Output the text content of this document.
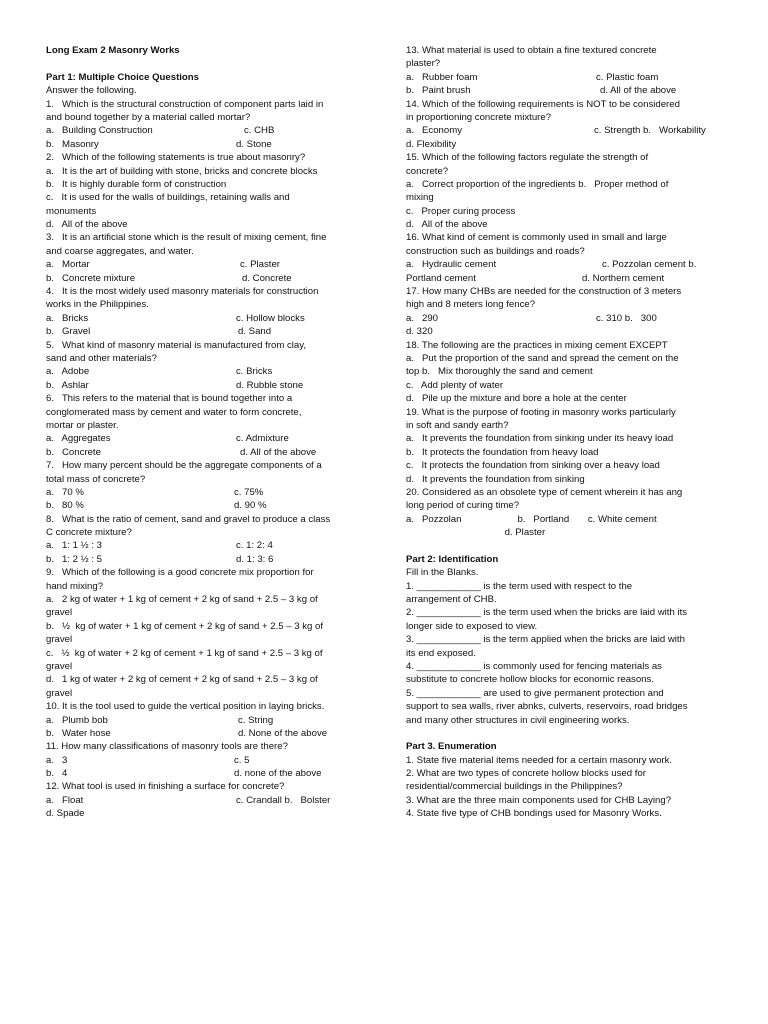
Long Exam 2 Masonry Works
Part 1: Multiple Choice Questions
Answer the following.
1.   Which is the structural construction of component parts laid in
and bound together by a material called mortar?
a.   Building Construction	c. CHB
b.   Masonry	d. Stone
2.   Which of the following statements is true about masonry?
a.   It is the art of building with stone, bricks and concrete blocks
b.   It is highly durable form of construction
c.   It is used for the walls of buildings, retaining walls and
monuments
d.   All of the above
3.   It is an artificial stone which is the result of mixing cement, fine
and coarse aggregates, and water.
a.   Mortar	c. Plaster
b.   Concrete mixture	d. Concrete
4.   It is the most widely used masonry materials for construction
works in the Philippines.
a.   Bricks	c. Hollow blocks
b.   Gravel	d. Sand
5.   What kind of masonry material is manufactured from clay,
sand and other materials?
a.   Adobe	c. Bricks
b.   Ashlar	d. Rubble stone
6.   This refers to the material that is bound together into a
conglomerated mass by cement and water to form concrete,
mortar or plaster.
a.   Aggregates	c. Admixture
b.   Concrete	d. All of the above
7.   How many percent should be the aggregate components of a
total mass of concrete?
a.   70 %	c. 75%
b.   80 %	d. 90 %
8.   What is the ratio of cement, sand and gravel to produce a class
C concrete mixture?
a.   1: 1 ½ : 3	c. 1: 2: 4
b.   1: 2 ½ : 5	d. 1: 3: 6
9.   Which of the following is a good concrete mix proportion for
hand mixing?
a.   2 kg of water + 1 kg of cement + 2 kg of sand + 2.5 – 3 kg of
gravel
b.   ½  kg of water + 1 kg of cement + 2 kg of sand + 2.5 – 3 kg of
gravel
c.   ½  kg of water + 2 kg of cement + 1 kg of sand + 2.5 – 3 kg of
gravel
d.   1 kg of water + 2 kg of cement + 2 kg of sand + 2.5 – 3 kg of
gravel
10. It is the tool used to guide the vertical position in laying bricks.
a.   Plumb bob	c. String
b.   Water hose	d. None of the above
11. How many classifications of masonry tools are there?
a.   3	c. 5
b.   4	d. none of the above
12. What tool is used in finishing a surface for concrete?
a.   Float	c. Crandall b.   Bolster
d. Spade
13. What material is used to obtain a fine textured concrete
plaster?
a.   Rubber foam	c. Plastic foam
b.   Paint brush	d. All of the above
14. Which of the following requirements is NOT to be considered
in proportioning concrete mixture?
a.   Economy	c. Strength b.   Workability
d. Flexibility
15. Which of the following factors regulate the strength of
concrete?
a.   Correct proportion of the ingredients b.   Proper method of
mixing
c.   Proper curing process
d.   All of the above
16. What kind of cement is commonly used in small and large
construction such as buildings and roads?
a.   Hydraulic cement	c. Pozzolan cement b.
Portland cement	d. Northern cement
17. How many CHBs are needed for the construction of 3 meters
high and 8 meters long fence?
a.   290	c. 310 b.   300
d. 320
18. The following are the practices in mixing cement EXCEPT
a.   Put the proportion of the sand and spread the cement on the
top b.   Mix thoroughly the sand and cement
c.   Add plenty of water
d.   Pile up the mixture and bore a hole at the center
19. What is the purpose of footing in masonry works particularly
in soft and sandy earth?
a.   It prevents the foundation from sinking under its heavy load
b.   It protects the foundation from heavy load
c.   It protects the foundation from sinking over a heavy load
d.   It prevents the foundation from sinking
20. Considered as an obsolete type of cement wherein it has ang
long period of curing time?
a.   Pozzolan                     b.   Portland       c. White cement
d. Plaster
Part 2: Identification
Fill in the Blanks.
1. ____________ is the term used with respect to the
arrangement of CHB.
2. ____________ is the term used when the bricks are laid with its
longer side to exposed to view.
3. ____________ is the term applied when the bricks are laid with
its end exposed.
4. ____________ is commonly used for fencing materials as
substitute to concrete hollow blocks for economic reasons.
5. ____________ are used to give permanent protection and
support to sea walls, river abnks, culverts, reservoirs, road bridges
and many other structures in civil engineering works.
Part 3. Enumeration
1. State five material items needed for a certain masonry work.
2. What are two types of concrete hollow blocks used for
residential/commercial buildings in the Philippines?
3. What are the three main components used for CHB Laying?
4. State five type of CHB bondings used for Masonry Works.
